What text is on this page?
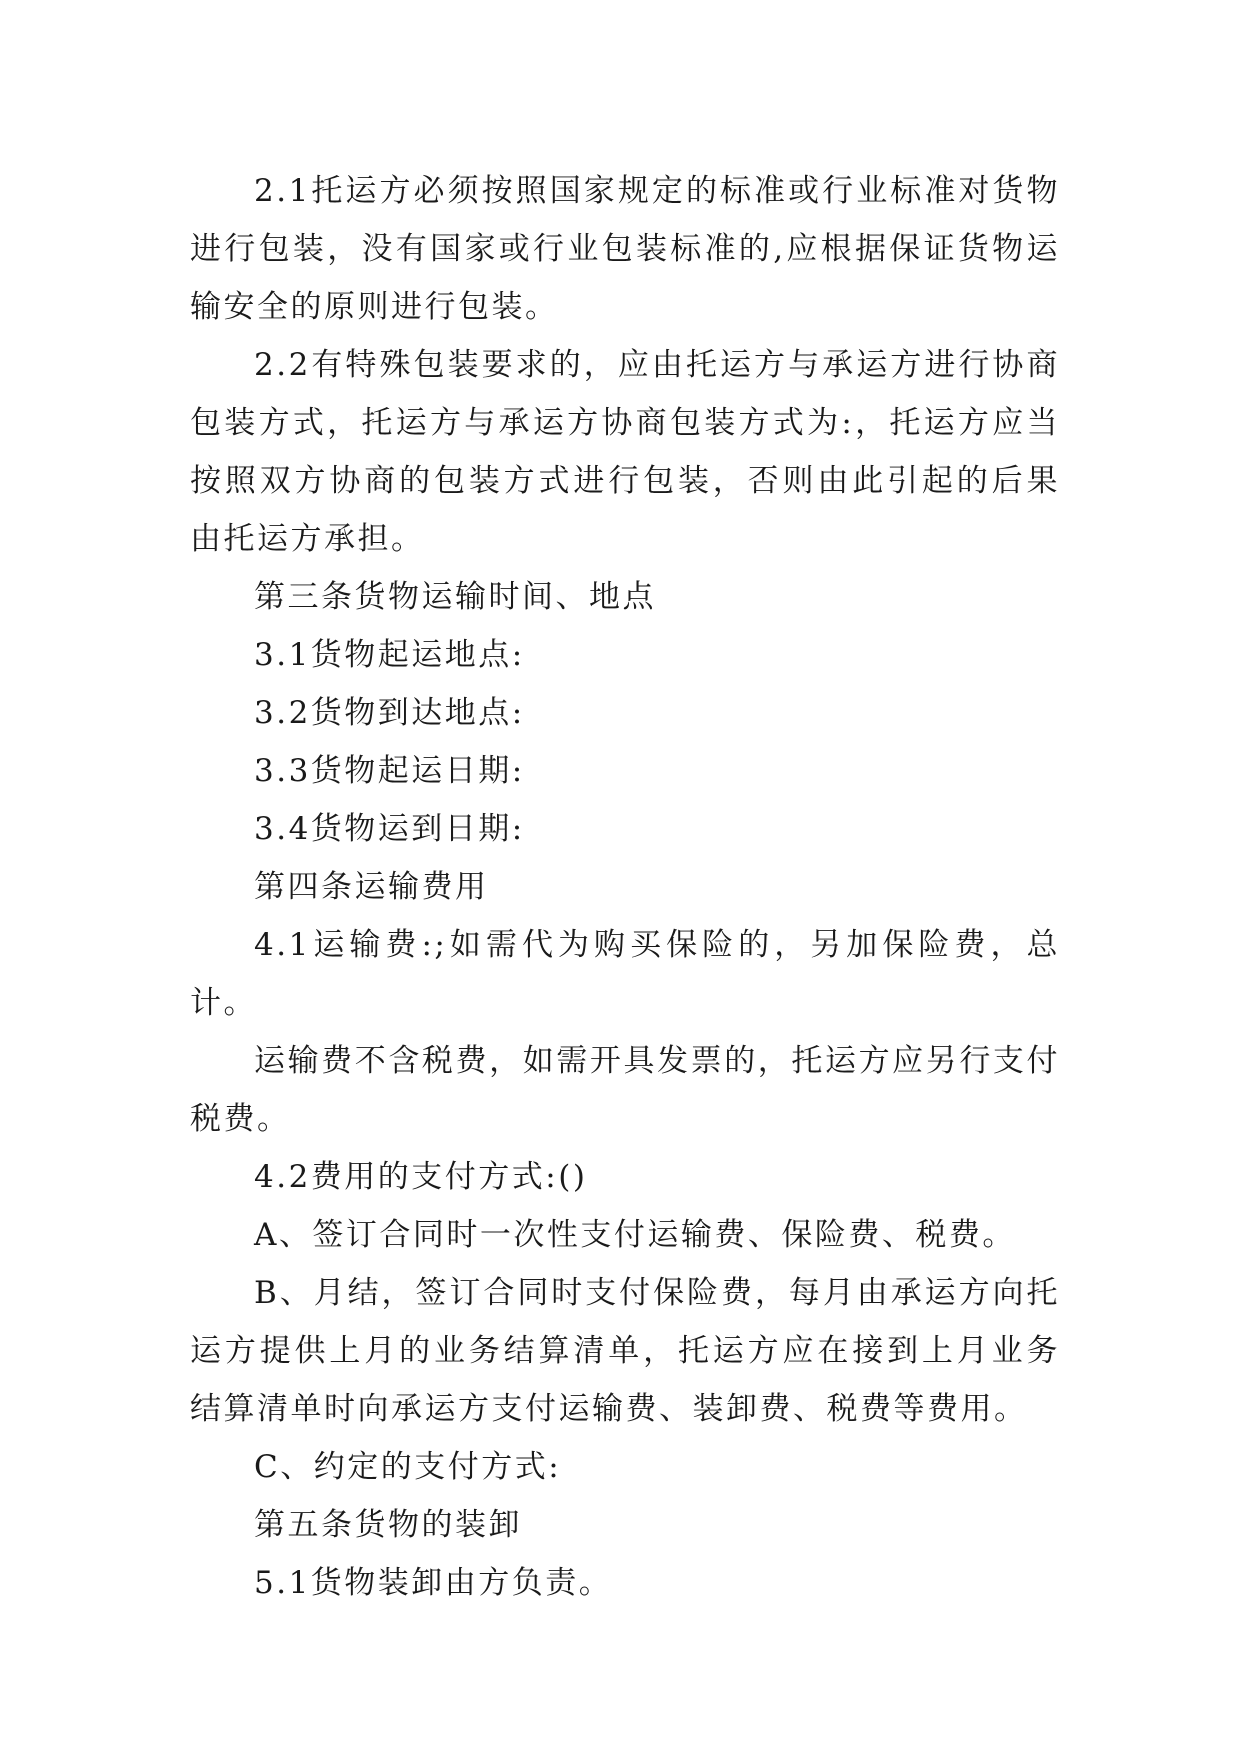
2.1托运方必须按照国家规定的标准或行业标准对货物进行包装，没有国家或行业包装标准的,应根据保证货物运输安全的原则进行包装。

2.2有特殊包装要求的，应由托运方与承运方进行协商包装方式，托运方与承运方协商包装方式为:，托运方应当按照双方协商的包装方式进行包装，否则由此引起的后果由托运方承担。

第三条货物运输时间、地点

3.1货物起运地点:

3.2货物到达地点:

3.3货物起运日期:

3.4货物运到日期:

第四条运输费用

4.1运输费:;如需代为购买保险的，另加保险费，总计。

运输费不含税费，如需开具发票的，托运方应另行支付税费。

4.2费用的支付方式:()

A、签订合同时一次性支付运输费、保险费、税费。

B、月结，签订合同时支付保险费，每月由承运方向托运方提供上月的业务结算清单，托运方应在接到上月业务结算清单时向承运方支付运输费、装卸费、税费等费用。

C、约定的支付方式:

第五条货物的装卸

5.1货物装卸由方负责。
